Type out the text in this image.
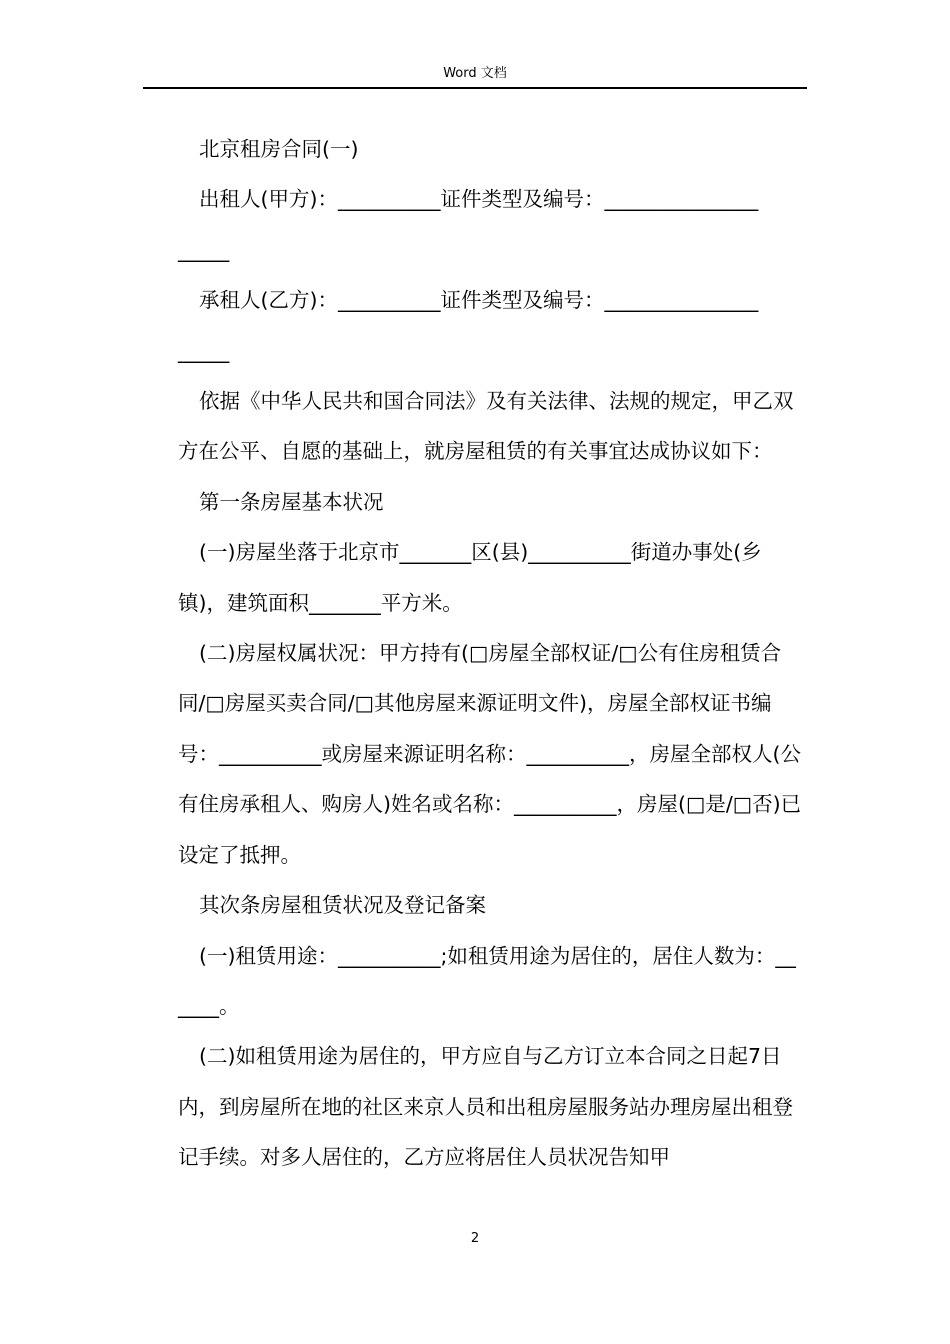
Word 文档

北京租房合同(一)

出租人(甲方)：__________证件类型及编号：_______________

_____

承租人(乙方)：__________证件类型及编号：_______________

_____

依据《中华人民共和国合同法》及有关法律、法规的规定，甲乙双方在公平、自愿的基础上，就房屋租赁的有关事宜达成协议如下：

第一条房屋基本状况

(一)房屋坐落于北京市_______区(县)__________街道办事处(乡镇)，建筑面积_______平方米。

(二)房屋权属状况：甲方持有(□房屋全部权证/□公有住房租赁合同/□房屋买卖合同/□其他房屋来源证明文件)，房屋全部权证书编号：__________或房屋来源证明名称：__________，房屋全部权人(公有住房承租人、购房人)姓名或名称：__________，房屋(□是/□否)已设定了抵押。

其次条房屋租赁状况及登记备案

(一)租赁用途：__________;如租赁用途为居住的，居住人数为：______。

(二)如租赁用途为居住的，甲方应自与乙方订立本合同之日起7日内，到房屋所在地的社区来京人员和出租房屋服务站办理房屋出租登记手续。对多人居住的，乙方应将居住人员状况告知甲

2
